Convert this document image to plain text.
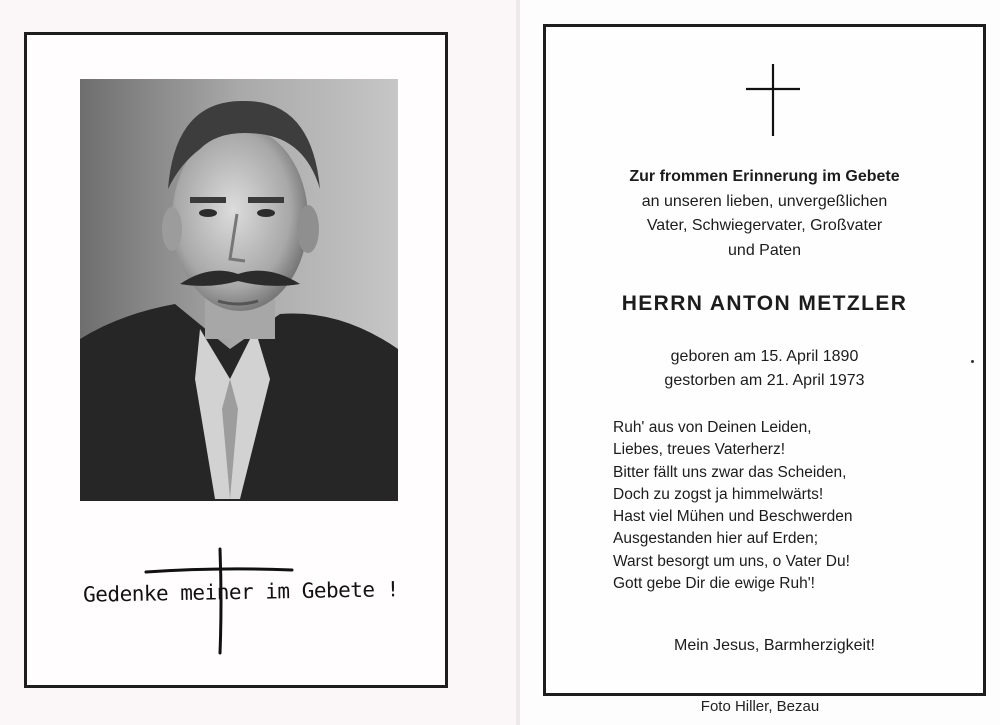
Gedenke meiner im Gebete !
Zur frommen Erinnerung im Gebete
an unseren lieben, unvergeßlichen
Vater, Schwiegervater, Großvater
und Paten
HERRN ANTON METZLER
geboren am 15. April 1890
gestorben am 21. April 1973
Ruh' aus von Deinen Leiden,
Liebes, treues Vaterherz!
Bitter fällt uns zwar das Scheiden,
Doch zu zogst ja himmelwärts!
Hast viel Mühen und Beschwerden
Ausgestanden hier auf Erden;
Warst besorgt um uns, o Vater Du!
Gott gebe Dir die ewige Ruh'!
Mein Jesus, Barmherzigkeit!
Foto Hiller, Bezau
